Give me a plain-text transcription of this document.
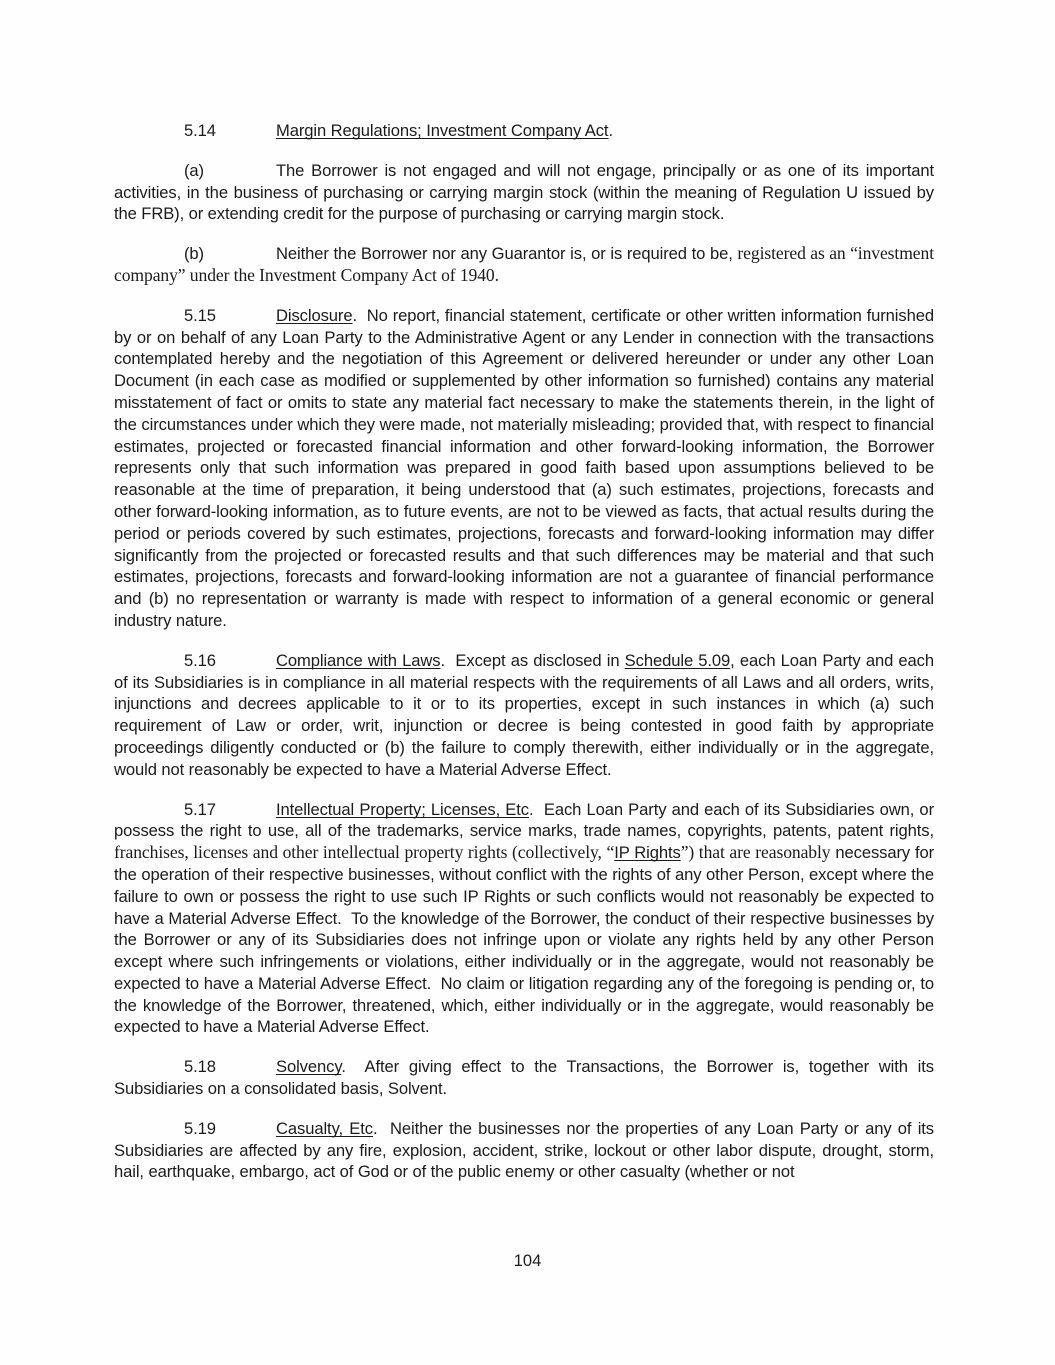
5.14	Margin Regulations; Investment Company Act.

(a)	The Borrower is not engaged and will not engage, principally or as one of its important activities, in the business of purchasing or carrying margin stock (within the meaning of Regulation U issued by the FRB), or extending credit for the purpose of purchasing or carrying margin stock.

(b)	Neither the Borrower nor any Guarantor is, or is required to be, registered as an “investment company” under the Investment Company Act of 1940.

5.15	Disclosure.  No report, financial statement, certificate or other written information furnished by or on behalf of any Loan Party to the Administrative Agent or any Lender in connection with the transactions contemplated hereby and the negotiation of this Agreement or delivered hereunder or under any other Loan Document (in each case as modified or supplemented by other information so furnished) contains any material misstatement of fact or omits to state any material fact necessary to make the statements therein, in the light of the circumstances under which they were made, not materially misleading; provided that, with respect to financial estimates, projected or forecasted financial information and other forward-looking information, the Borrower represents only that such information was prepared in good faith based upon assumptions believed to be reasonable at the time of preparation, it being understood that (a) such estimates, projections, forecasts and other forward-looking information, as to future events, are not to be viewed as facts, that actual results during the period or periods covered by such estimates, projections, forecasts and forward-looking information may differ significantly from the projected or forecasted results and that such differences may be material and that such estimates, projections, forecasts and forward-looking information are not a guarantee of financial performance and (b) no representation or warranty is made with respect to information of a general economic or general industry nature.

5.16	Compliance with Laws.  Except as disclosed in Schedule 5.09, each Loan Party and each of its Subsidiaries is in compliance in all material respects with the requirements of all Laws and all orders, writs, injunctions and decrees applicable to it or to its properties, except in such instances in which (a) such requirement of Law or order, writ, injunction or decree is being contested in good faith by appropriate proceedings diligently conducted or (b) the failure to comply therewith, either individually or in the aggregate, would not reasonably be expected to have a Material Adverse Effect.

5.17	Intellectual Property; Licenses, Etc.  Each Loan Party and each of its Subsidiaries own, or possess the right to use, all of the trademarks, service marks, trade names, copyrights, patents, patent rights, franchises, licenses and other intellectual property rights (collectively, “IP Rights”) that are reasonably necessary for the operation of their respective businesses, without conflict with the rights of any other Person, except where the failure to own or possess the right to use such IP Rights or such conflicts would not reasonably be expected to have a Material Adverse Effect.  To the knowledge of the Borrower, the conduct of their respective businesses by the Borrower or any of its Subsidiaries does not infringe upon or violate any rights held by any other Person except where such infringements or violations, either individually or in the aggregate, would not reasonably be expected to have a Material Adverse Effect.  No claim or litigation regarding any of the foregoing is pending or, to the knowledge of the Borrower, threatened, which, either individually or in the aggregate, would reasonably be expected to have a Material Adverse Effect.

5.18	Solvency.  After giving effect to the Transactions, the Borrower is, together with its Subsidiaries on a consolidated basis, Solvent.

5.19	Casualty, Etc.  Neither the businesses nor the properties of any Loan Party or any of its Subsidiaries are affected by any fire, explosion, accident, strike, lockout or other labor dispute, drought, storm, hail, earthquake, embargo, act of God or of the public enemy or other casualty (whether or not

104
